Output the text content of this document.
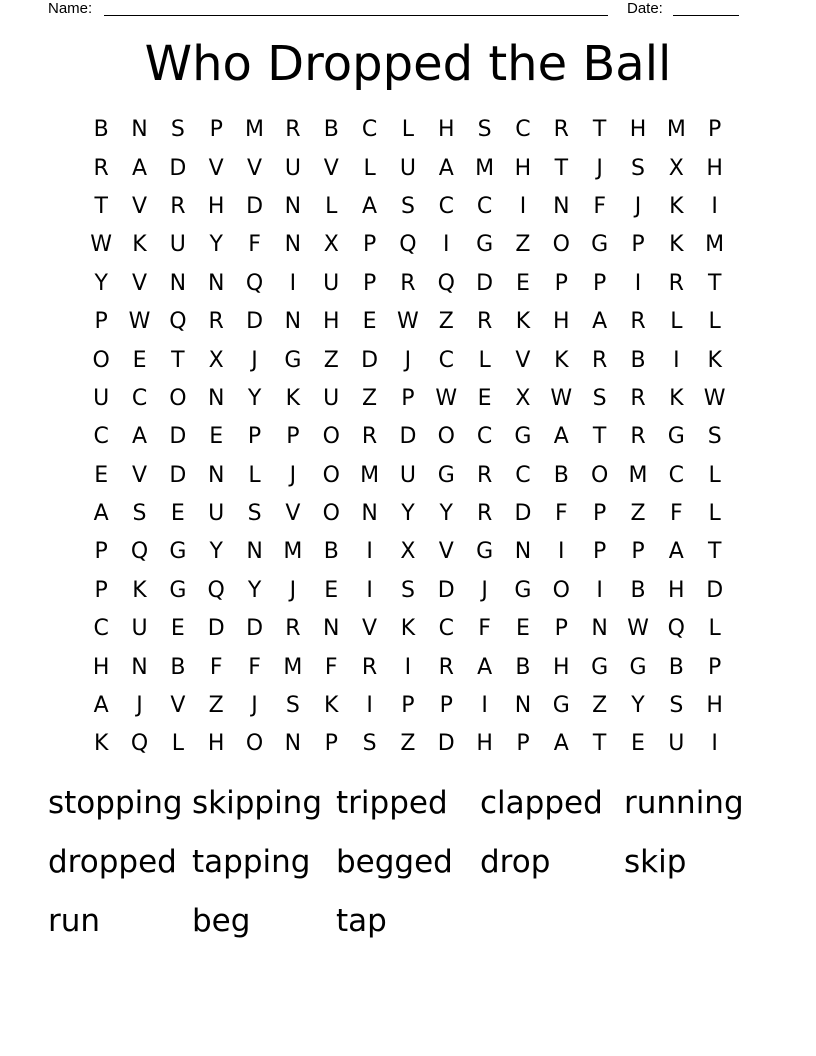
Name:	Date:
Who Dropped the Ball
B	N	S	P	M R	B	C	L	H	S	C	R	T	H M	P
R	A	D	V	V	U	V	L	U	A M H	T	J	S	X	H
T	V	R	H D N	L	A	S	C	C	I	N	F	J	K	I
W K	U	Y	F	N	X	P	Q	I	G	Z	O G	P	K M
Y	V	N N Q	I	U	P	R	Q D	E	P	P	I	R	T
P W Q	R	D N H	E W Z	R	K	H	A	R	L	L
O	E	T	X	J	G	Z	D	J	C	L	V	K	R	B	I	K
U	C O N	Y	K	U	Z	P W E	X W S	R	K W
C	A	D	E	P	P	O	R	D O	C	G	A	T	R	G	S
E	V	D N	L	J	O M U G	R	C	B	O M C	L
A	S	E	U	S	V	O N	Y	Y	R	D	F	P	Z	F	L
P	Q G	Y	N M B	I	X	V	G N	I	P	P	A	T
P	K	G Q	Y	J	E	I	S	D	J	G O	I	B	H D
C	U	E	D D	R	N	V	K	C	F	E	P	N W Q	L
H N	B	F	F	M	F	R	I	R	A	B	H G G	B	P
A	J	V	Z	J	S	K	I	P	P	I	N G	Z	Y	S	H
K	Q	L	H O N	P	S	Z	D H	P	A	T	E	U	I
stopping skipping tripped	clapped running
dropped tapping begged drop	skip
run	beg	tap
